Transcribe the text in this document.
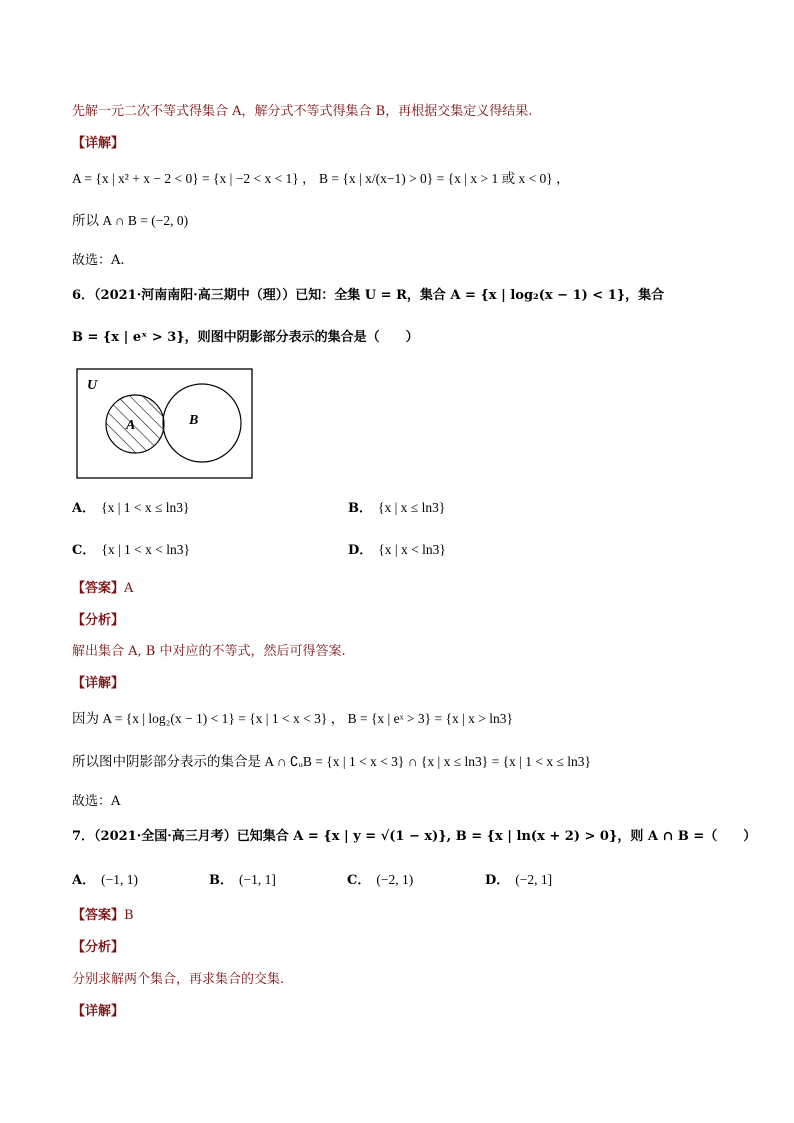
先解一元二次不等式得集合 A，解分式不等式得集合 B，再根据交集定义得结果.
【详解】
A = {x | x² + x − 2 < 0} = {x | −2 < x < 1} ， B = {x | x/(x−1) > 0} = {x | x > 1 或 x < 0} ，
所以 A ∩ B = (−2, 0)
故选：A.
6．（2021·河南南阳·高三期中（理））已知：全集 U = R，集合 A = {x | log₂(x − 1) < 1}，集合
B = {x | eˣ > 3}，则图中阴影部分表示的集合是（　　）
U
A	B
A． {x | 1 < x ≤ ln3}	B． {x | x ≤ ln3}
C． {x | 1 < x < ln3}	D． {x | x < ln3}
【答案】A
【分析】
解出集合 A, B 中对应的不等式，然后可得答案.
【详解】
因为 A = {x | log₂(x − 1) < 1} = {x | 1 < x < 3} ， B = {x | eˣ > 3} = {x | x > ln3}
所以图中阴影部分表示的集合是 A ∩ ∁ᵤB = {x | 1 < x < 3} ∩ {x | x ≤ ln3} = {x | 1 < x ≤ ln3}
故选：A
7．（2021·全国·高三月考）已知集合 A = {x | y = √(1 − x)}, B = {x | ln(x + 2) > 0}，则 A ∩ B =（　　）
A． (−1, 1)	B． (−1, 1]	C． (−2, 1)	D． (−2, 1]
【答案】B
【分析】
分别求解两个集合，再求集合的交集.
【详解】
